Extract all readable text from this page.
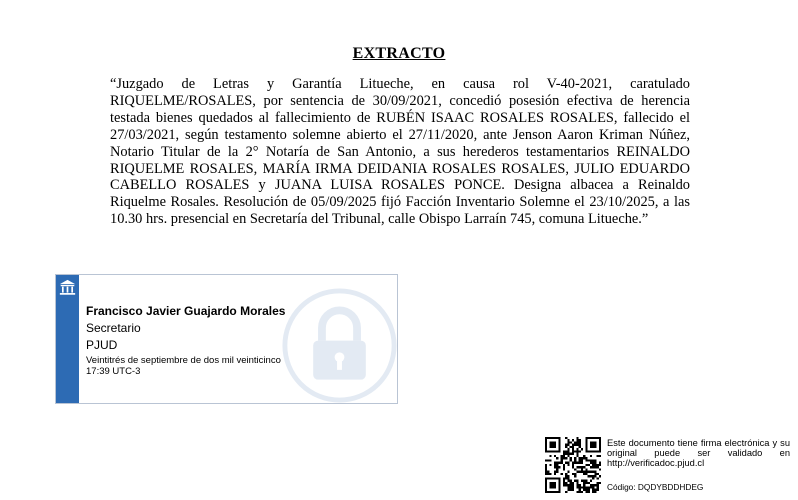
EXTRACTO
“Juzgado de Letras y Garantía Litueche, en causa rol V-40-2021, caratulado RIQUELME/ROSALES, por sentencia de 30/09/2021, concedió posesión efectiva de herencia testada bienes quedados al fallecimiento de RUBÉN ISAAC ROSALES ROSALES, fallecido el 27/03/2021, según testamento solemne abierto el 27/11/2020, ante Jenson Aaron Kriman Núñez, Notario Titular de la 2° Notaría de San Antonio, a sus herederos testamentarios REINALDO RIQUELME ROSALES, MARÍA IRMA DEIDANIA ROSALES ROSALES, JULIO EDUARDO CABELLO ROSALES y JUANA LUISA ROSALES PONCE. Designa albacea a Reinaldo Riquelme Rosales. Resolución de 05/09/2025 fijó Facción Inventario Solemne el 23/10/2025, a las 10.30 hrs. presencial en Secretaría del Tribunal, calle Obispo Larraín 745, comuna Litueche.”
Francisco Javier Guajardo Morales
Secretario
PJUD
Veintitrés de septiembre de dos mil veinticinco
17:39 UTC-3
Este documento tiene firma electrónica y su original puede ser validado en http://verificadoc.pjud.cl
Código: DQDYBDDHDEG
